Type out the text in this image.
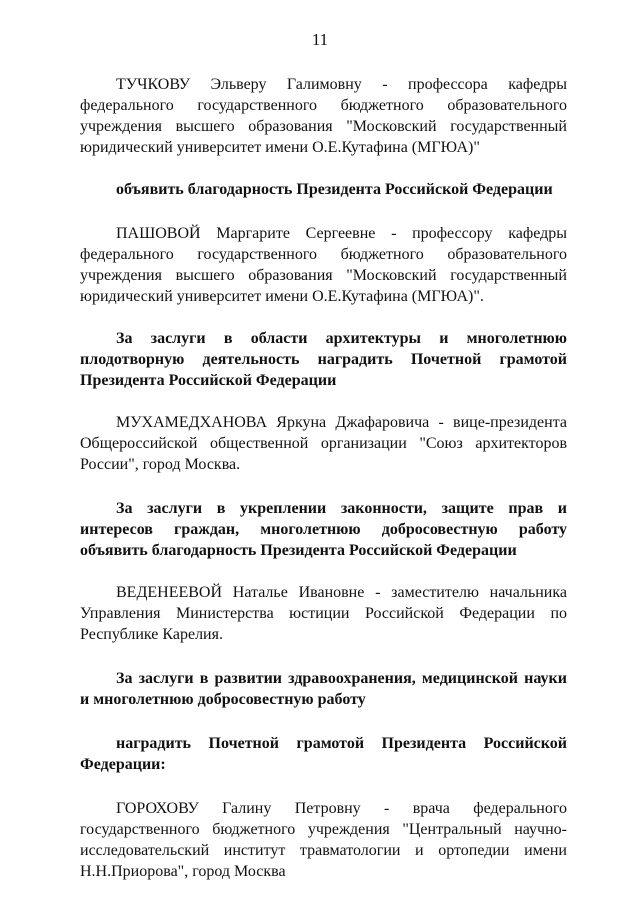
11

ТУЧКОВУ Эльверу Галимовну - профессора кафедры федерального государственного бюджетного образовательного учреждения высшего образования "Московский государственный юридический университет имени О.Е.Кутафина (МГЮА)"

объявить благодарность Президента Российской Федерации

ПАШОВОЙ Маргарите Сергеевне - профессору кафедры федерального государственного бюджетного образовательного учреждения высшего образования "Московский государственный юридический университет имени О.Е.Кутафина (МГЮА)".

За заслуги в области архитектуры и многолетнюю плодотворную деятельность наградить Почетной грамотой Президента Российской Федерации

МУХАМЕДХАНОВА Яркуна Джафаровича - вице-президента Общероссийской общественной организации "Союз архитекторов России", город Москва.

За заслуги в укреплении законности, защите прав и интересов граждан, многолетнюю добросовестную работу объявить благодарность Президента Российской Федерации

ВЕДЕНЕЕВОЙ Наталье Ивановне - заместителю начальника Управления Министерства юстиции Российской Федерации по Республике Карелия.

За заслуги в развитии здравоохранения, медицинской науки и многолетнюю добросовестную работу

наградить Почетной грамотой Президента Российской Федерации:

ГОРОХОВУ Галину Петровну - врача федерального государственного бюджетного учреждения "Центральный научно-исследовательский институт травматологии и ортопедии имени Н.Н.Приорова", город Москва
